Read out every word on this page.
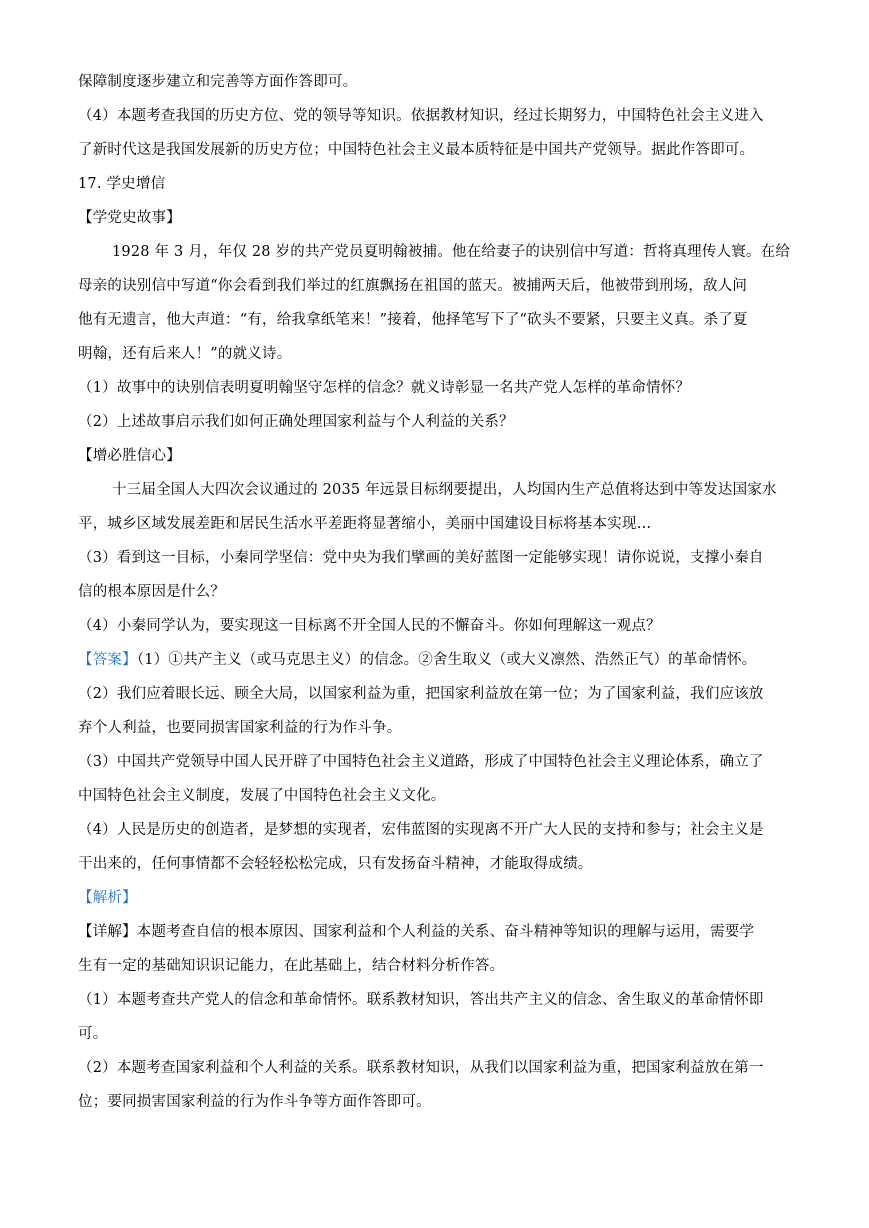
保障制度逐步建立和完善等方面作答即可。
（4）本题考查我国的历史方位、党的领导等知识。依据教材知识，经过长期努力，中国特色社会主义进入
了新时代这是我国发展新的历史方位；中国特色社会主义最本质特征是中国共产党领导。据此作答即可。
17. 学史增信
【学党史故事】
1928 年 3 月，年仅 28 岁的共产党员夏明翰被捕。他在给妻子的诀别信中写道：哲将真理传人寰。在给
母亲的诀别信中写道“你会看到我们举过的红旗飘扬在祖国的蓝天。被捕两天后，他被带到刑场，敌人问
他有无遗言，他大声道：“有，给我拿纸笔来！”接着，他择笔写下了“砍头不要紧，只要主义真。杀了夏
明翰，还有后来人！”的就义诗。
（1）故事中的诀别信表明夏明翰坚守怎样的信念？就义诗彰显一名共产党人怎样的革命情怀？
（2）上述故事启示我们如何正确处理国家利益与个人利益的关系？
【增必胜信心】
十三届全国人大四次会议通过的 2035 年远景目标纲要提出，人均国内生产总值将达到中等发达国家水
平，城乡区域发展差距和居民生活水平差距将显著缩小，美丽中国建设目标将基本实现…
（3）看到这一目标，小秦同学坚信：党中央为我们擘画的美好蓝图一定能够实现！请你说说，支撑小秦自
信的根本原因是什么？
（4）小秦同学认为，要实现这一目标离不开全国人民的不懈奋斗。你如何理解这一观点？
【答案】（1）①共产主义（或马克思主义）的信念。②舍生取义（或大义凛然、浩然正气）的革命情怀。
（2）我们应着眼长远、顾全大局，以国家利益为重，把国家利益放在第一位；为了国家利益，我们应该放
弃个人利益，也要同损害国家利益的行为作斗争。
（3）中国共产党领导中国人民开辟了中国特色社会主义道路，形成了中国特色社会主义理论体系，确立了
中国特色社会主义制度，发展了中国特色社会主义文化。
（4）人民是历史的创造者，是梦想的实现者，宏伟蓝图的实现离不开广大人民的支持和参与；社会主义是
干出来的，任何事情都不会轻轻松松完成，只有发扬奋斗精神，才能取得成绩。
【解析】
【详解】本题考查自信的根本原因、国家利益和个人利益的关系、奋斗精神等知识的理解与运用，需要学
生有一定的基础知识识记能力，在此基础上，结合材料分析作答。
（1）本题考查共产党人的信念和革命情怀。联系教材知识，答出共产主义的信念、舍生取义的革命情怀即
可。
（2）本题考查国家利益和个人利益的关系。联系教材知识，从我们以国家利益为重，把国家利益放在第一
位；要同损害国家利益的行为作斗争等方面作答即可。
